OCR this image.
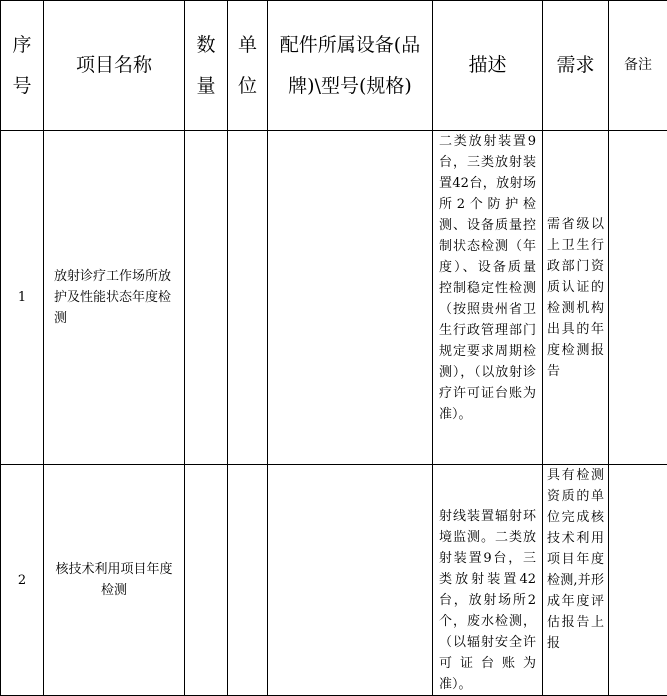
序号	项目名称	数量	单位	配件所属设备(品牌)\型号(规格)	描述	需求	备注
1	放射诊疗工作场所放护及性能状态年度检测				二类放射装置9台，三类放射装置42台，放射场所2个防护检测、设备质量控制状态检测（年度）、设备质量控制稳定性检测（按照贵州省卫生行政管理部门规定要求周期检测），（以放射诊疗许可证台账为准）。	需省级以上卫生行政部门资质认证的检测机构出具的年度检测报告	
2	核技术利用项目年度检测				射线装置辐射环境监测。二类放射装置9台，三类放射装置42台，放射场所2个，废水检测，（以辐射安全许可证台账为准）。	具有检测资质的单位完成核技术利用项目年度检测,并形成年度评估报告上报	
